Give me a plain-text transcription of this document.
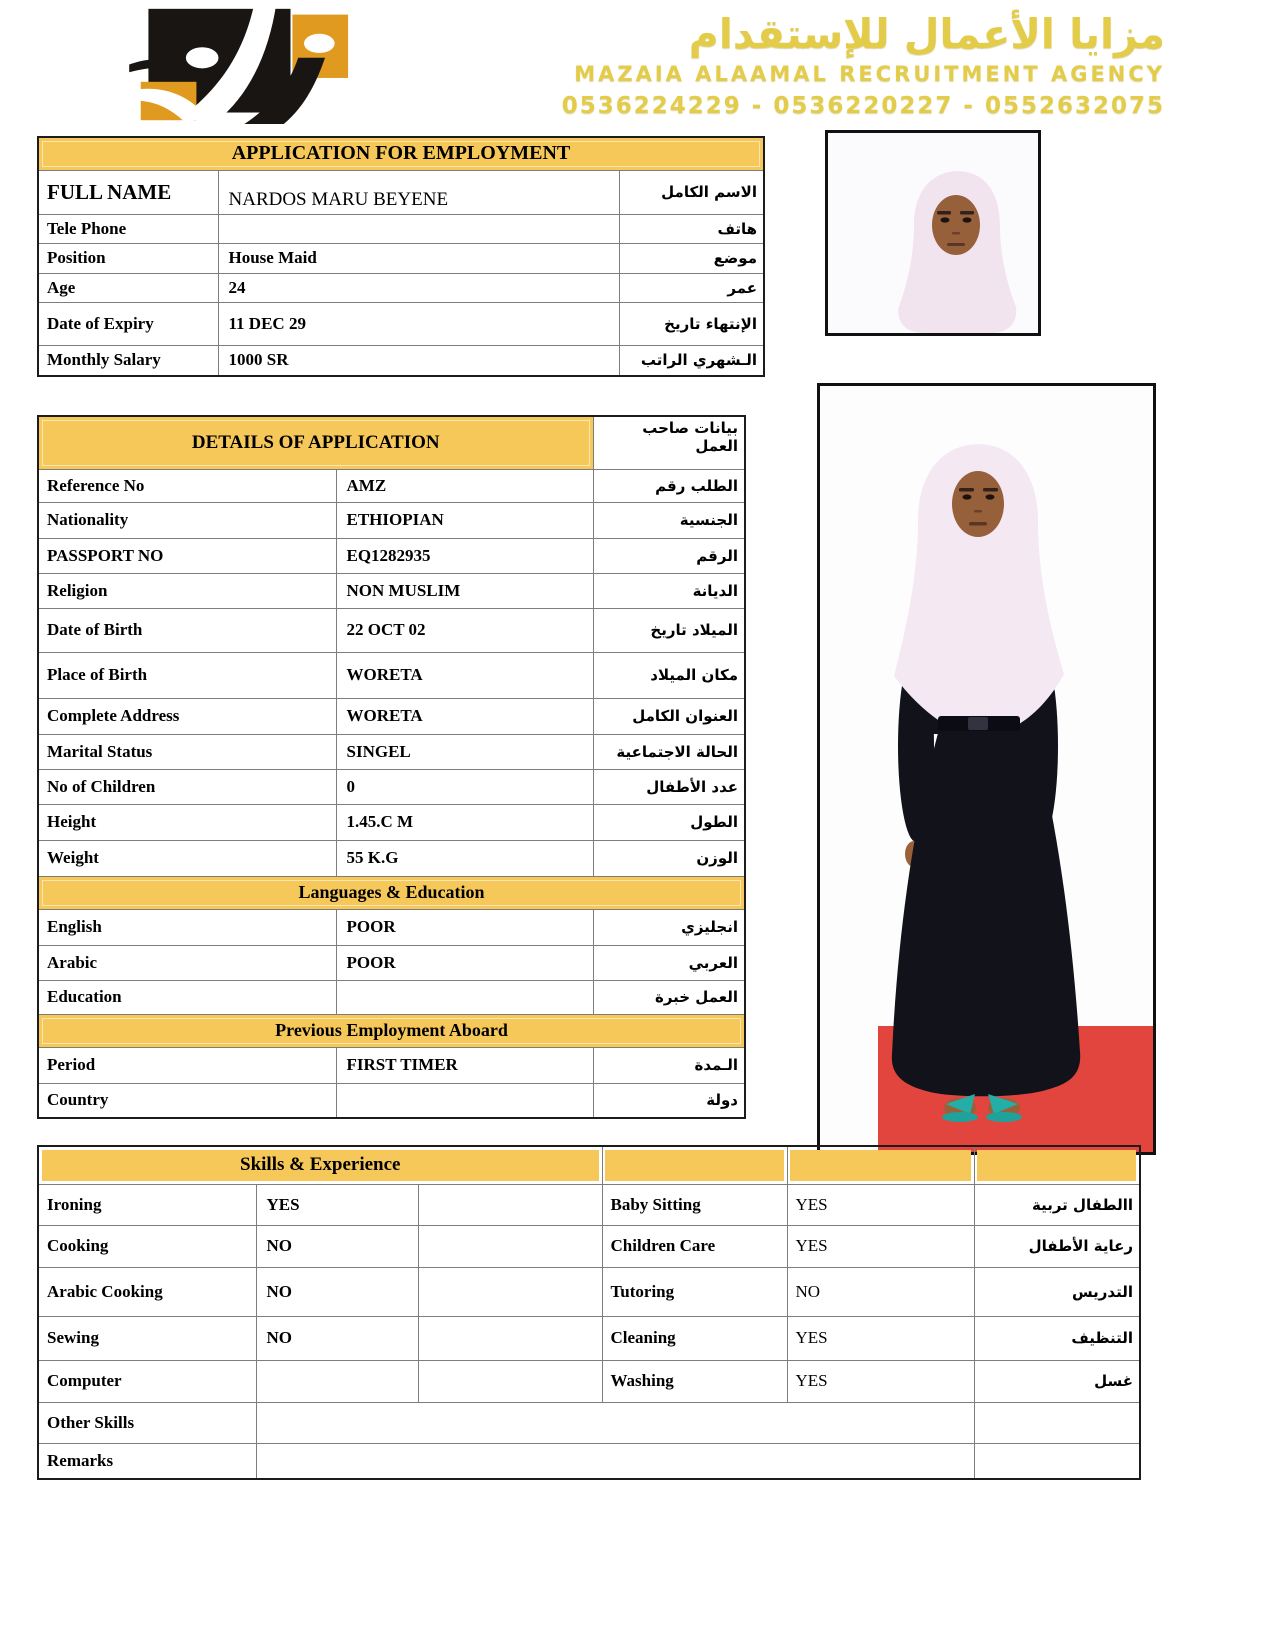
مزايا الأعمال للإستقدام
MAZAIA ALAAMAL RECRUITMENT AGENCY
0536224229 - 0536220227 - 0552632075
APPLICATION FOR EMPLOYMENT		
FULL NAME	NARDOS MARU BEYENE	الاسم الكامل
Tele Phone		هاتف
Position	House Maid	موضع
Age	24	عمر
Date of Expiry	11 DEC 29	الإنتهاء تاريخ
Monthly Salary	1000 SR	الـشهري الراتب
DETAILS OF APPLICATION		بيانات صاحب العمل
Reference No	AMZ	الطلب رقم
Nationality	ETHIOPIAN	الجنسية
PASSPORT NO	EQ1282935	الرقم
Religion	NON MUSLIM	الديانة
Date of Birth	22 OCT 02	الميلاد تاريخ
Place of Birth	WORETA	مكان الميلاد
Complete Address	WORETA	العنوان الكامل
Marital Status	SINGEL	الحالة الاجتماعية
No of Children	0	عدد الأطفال
Height	1.45.C M	الطول
Weight	55 K.G	الوزن
Languages & Education		
English	POOR	انجليزي
Arabic	POOR	العربي
Education		العمل خبرة
Previous Employment Aboard		
Period	FIRST TIMER	الـمدة
Country		دولة
Skills & Experience					
Ironing	YES		Baby Sitting	YES	االطفال تربية
Cooking	NO		Children Care	YES	رعاية الأطفال
Arabic Cooking	NO		Tutoring	NO	التدريس
Sewing	NO		Cleaning	YES	التنظيف
Computer			Washing	YES	غسل
Other Skills					
Remarks					
